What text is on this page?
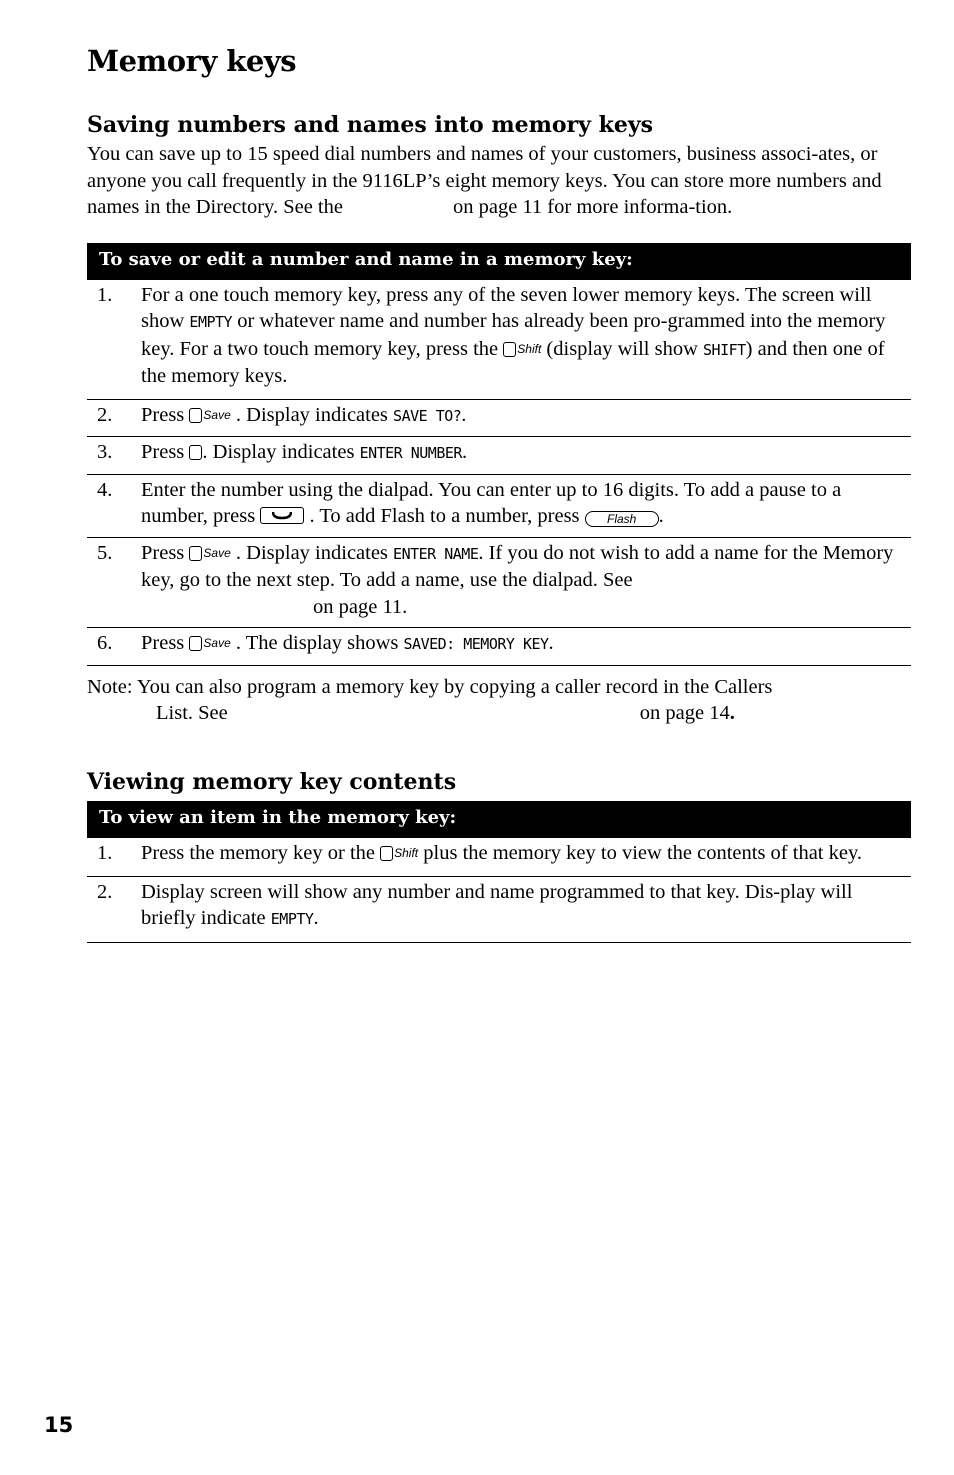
Memory keys
Saving numbers and names into memory keys
You can save up to 15 speed dial numbers and names of your customers, business associ-ates, or anyone you call frequently in the 9116LP’s eight memory keys. You can store more numbers and names in the Directory. See the	on page 11 for more informa-tion.
To save or edit a number and name in a memory key:
1. For a one touch memory key, press any of the seven lower memory keys. The screen will show EMPTY or whatever name and number has already been pro-grammed into the memory key. For a two touch memory key, press the Shift (display will show SHIFT) and then one of the memory keys.
2. Press Save . Display indicates SAVE TO?.
3. Press . Display indicates ENTER NUMBER.
4. Enter the number using the dialpad. You can enter up to 16 digits. To add a pause to a number, press
. To add Flash to a number, press Flash .
5. Press Save . Display indicates ENTER NAME. If you do not wish to add a name for the Memory key, go to the next step. To add a name, use the dialpad. See
on page 11.
6. Press Save . The display shows SAVED: MEMORY KEY.
Note: You can also program a memory key by copying a caller record in the Callers
List. See	on page 14.
Viewing memory key contents
To view an item in the memory key:
1. Press the memory key or the Shift plus the memory key to view the contents of that key.
2. Display screen will show any number and name programmed to that key. Dis-play will briefly indicate EMPTY.
15
